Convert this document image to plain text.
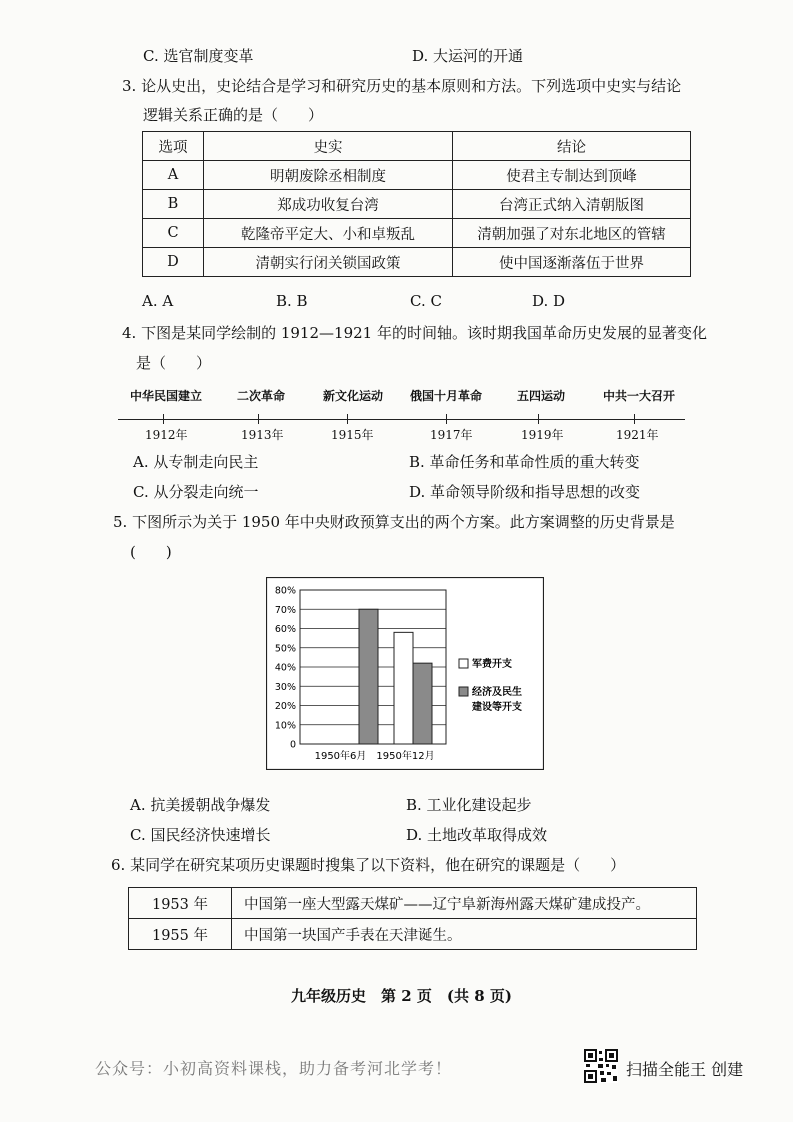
C. 选官制度变革	D. 大运河的开通
3. 论从史出，史论结合是学习和研究历史的基本原则和方法。下列选项中史实与结论
逻辑关系正确的是（　　）
选项	史实	结论
A	明朝废除丞相制度	使君主专制达到顶峰
B	郑成功收复台湾	台湾正式纳入清朝版图
C	乾隆帝平定大、小和卓叛乱	清朝加强了对东北地区的管辖
D	清朝实行闭关锁国政策	使中国逐渐落伍于世界
A. A	B. B	C. C	D. D
4. 下图是某同学绘制的 1912—1921 年的时间轴。该时期我国革命历史发展的显著变化
是（　　）
中华民国建立	二次革命	新文化运动 俄国十月革命	五四运动	中共一大召开
1912年	1913年	1915年	1917年	1919年	1921年
A. 从专制走向民主	B. 革命任务和革命性质的重大转变
C. 从分裂走向统一	D. 革命领导阶级和指导思想的改变
5. 下图所示为关于 1950 年中央财政预算支出的两个方案。此方案调整的历史背景是
(　　)
0
10%
20%
30%
40%
50%
60%
70%
80%
1950年6月 1950年12月
军费开支
经济及民生
建设等开支
A. 抗美援朝战争爆发	B. 工业化建设起步
C. 国民经济快速增长	D. 土地改革取得成效
6. 某同学在研究某项历史课题时搜集了以下资料，他在研究的课题是（　　）
1953 年	中国第一座大型露天煤矿——辽宁阜新海州露天煤矿建成投产。
1955 年	中国第一块国产手表在天津诞生。
九年级历史　第 2 页　(共 8 页)
公众号：小初高资料课栈，助力备考河北学考！	扫描全能王 创建
